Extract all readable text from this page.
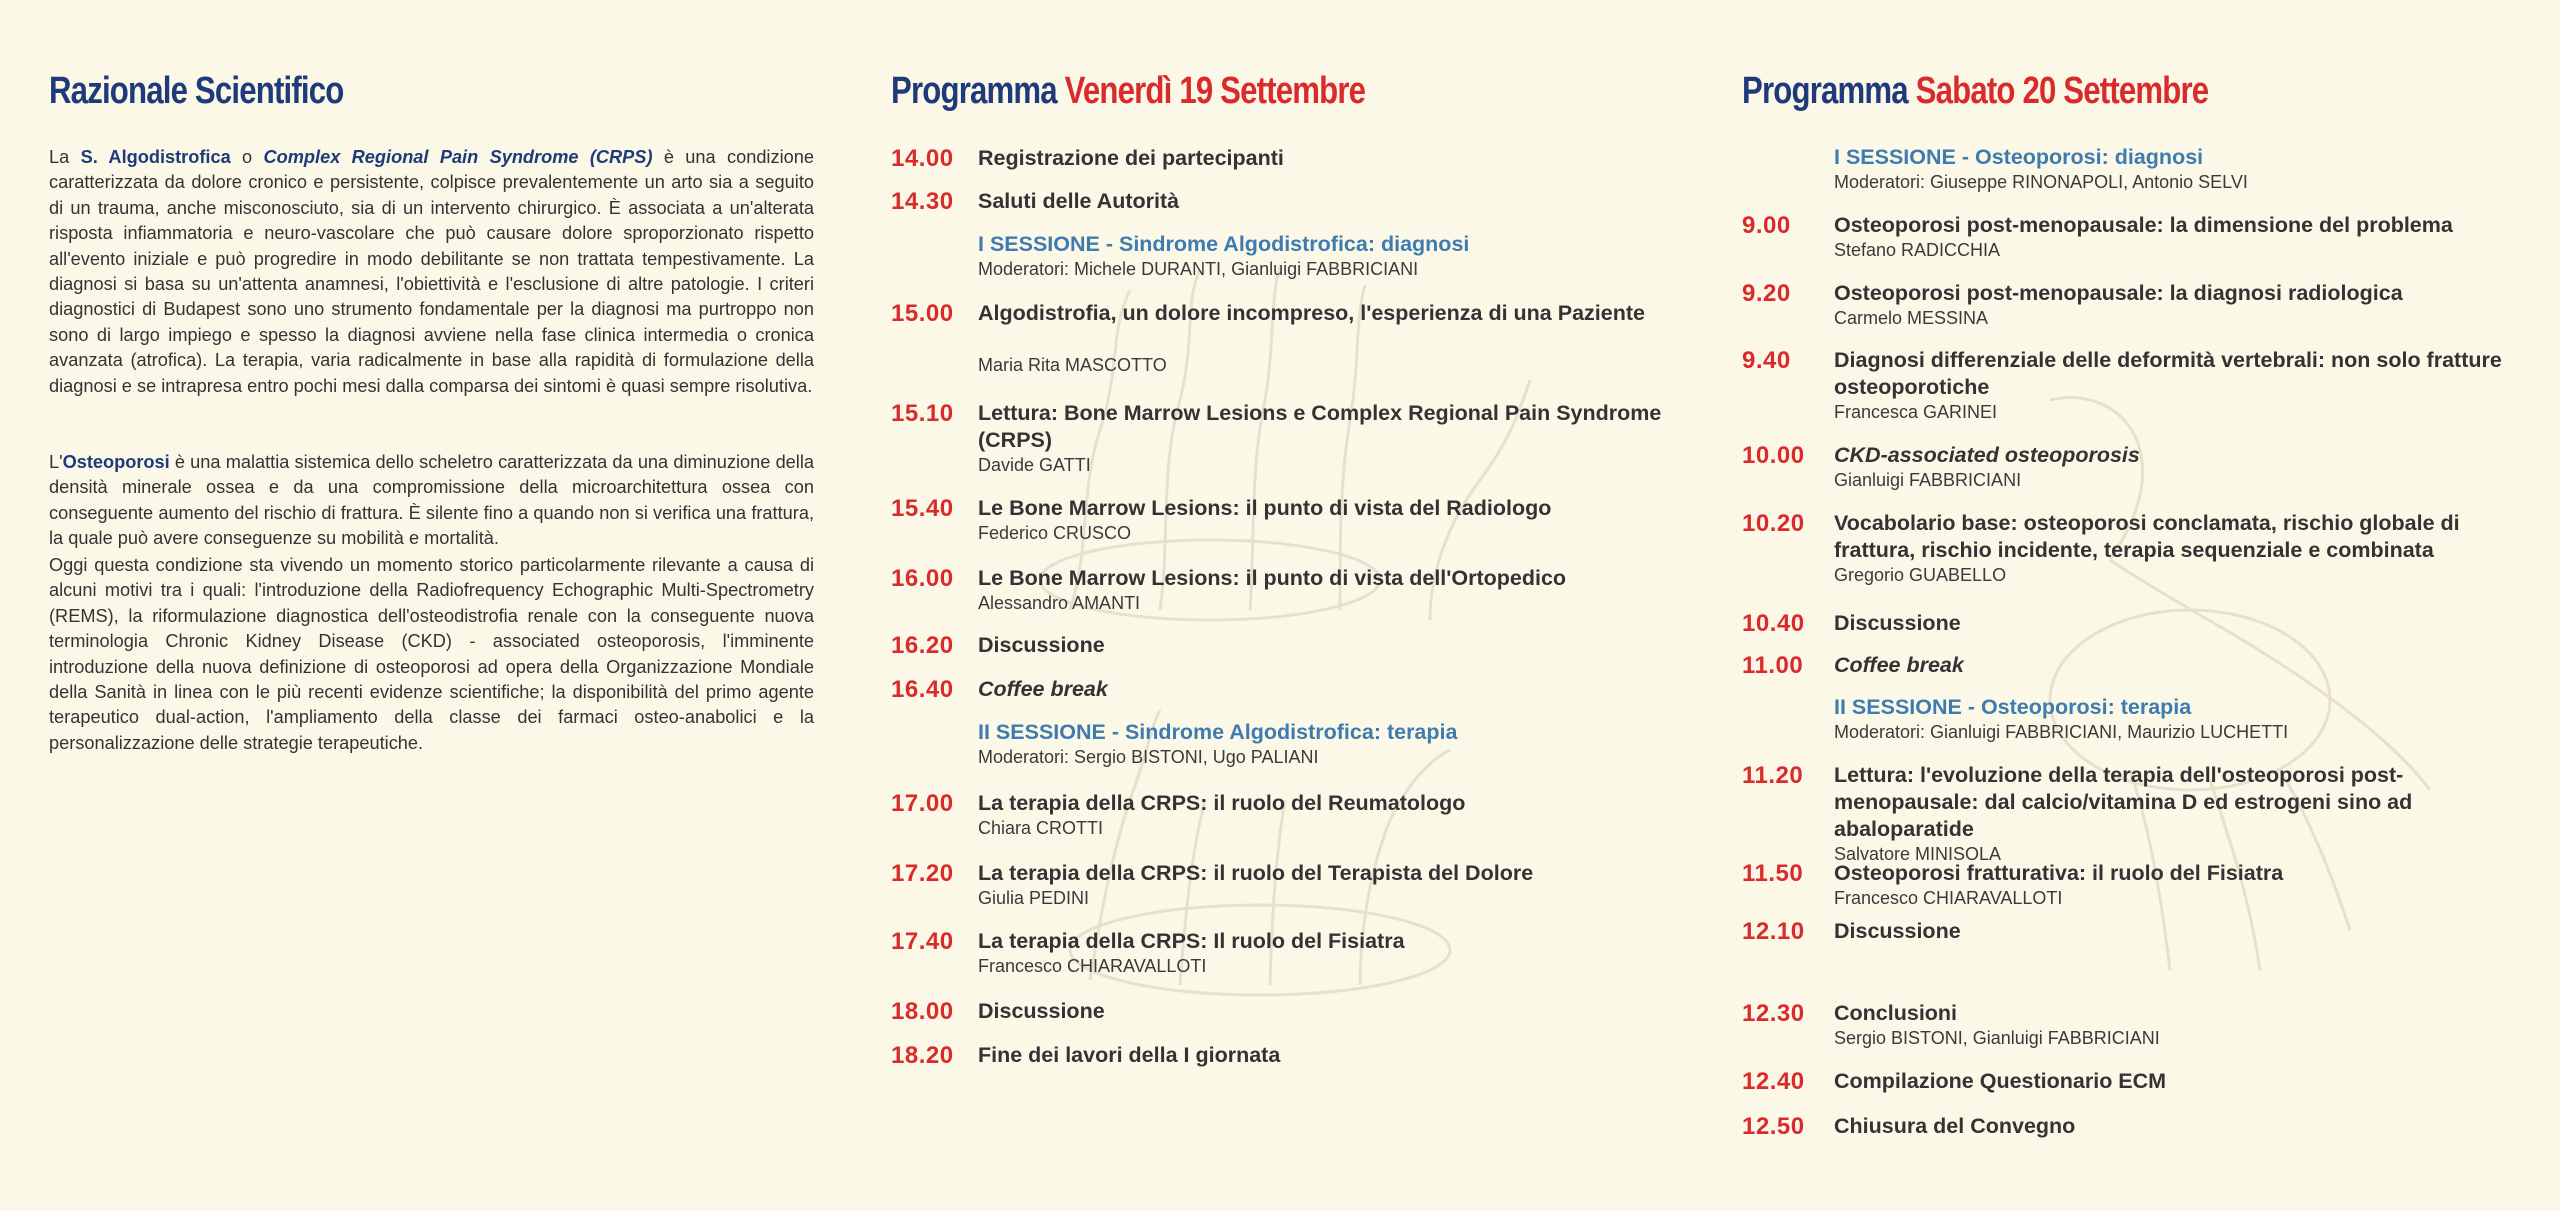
Razionale Scientifico

La S. Algodistrofica o Complex Regional Pain Syndrome (CRPS) è una condizione caratterizzata da dolore cronico e persistente, colpisce prevalentemente un arto sia a seguito di un trauma, anche misconosciuto, sia di un intervento chirurgico. È associata a un'alterata risposta infiammatoria e neuro-vascolare che può causare dolore sproporzionato rispetto all'evento iniziale e può progredire in modo debilitante se non trattata tempestivamente. La diagnosi si basa su un'attenta anamnesi, l'obiettività e l'esclusione di altre patologie. I criteri diagnostici di Budapest sono uno strumento fondamentale per la diagnosi ma purtroppo non sono di largo impiego e spesso la diagnosi avviene nella fase clinica intermedia o cronica avanzata (atrofica). La terapia, varia radicalmente in base alla rapidità di formulazione della diagnosi e se intrapresa entro pochi mesi dalla comparsa dei sintomi è quasi sempre risolutiva.

L'Osteoporosi è una malattia sistemica dello scheletro caratterizzata da una diminuzione della densità minerale ossea e da una compromissione della microarchitettura ossea con conseguente aumento del rischio di frattura. È silente fino a quando non si verifica una frattura, la quale può avere conseguenze su mobilità e mortalità.

Oggi questa condizione sta vivendo un momento storico particolarmente rilevante a causa di alcuni motivi tra i quali: l'introduzione della Radiofrequency Echographic Multi-Spectrometry (REMS), la riformulazione diagnostica dell'osteodistrofia renale con la conseguente nuova terminologia Chronic Kidney Disease (CKD) - associated osteoporosis, l'imminente introduzione della nuova definizione di osteoporosi ad opera della Organizzazione Mondiale della Sanità in linea con le più recenti evidenze scientifiche; la disponibilità del primo agente terapeutico dual-action, l'ampliamento della classe dei farmaci osteo-anabolici e la personalizzazione delle strategie terapeutiche.

Programma Venerdì 19 Settembre
14.00 Registrazione dei partecipanti
14.30 Saluti delle Autorità
I SESSIONE - Sindrome Algodistrofica: diagnosi
Moderatori: Michele DURANTI, Gianluigi FABBRICIANI
15.00 Algodistrofia, un dolore incompreso, l'esperienza di una Paziente
Maria Rita MASCOTTO
15.10 Lettura: Bone Marrow Lesions e Complex Regional Pain Syndrome (CRPS)
Davide GATTI
15.40 Le Bone Marrow Lesions: il punto di vista del Radiologo
Federico CRUSCO
16.00 Le Bone Marrow Lesions: il punto di vista dell'Ortopedico
Alessandro AMANTI
16.20 Discussione
16.40 Coffee break
II SESSIONE - Sindrome Algodistrofica: terapia
Moderatori: Sergio BISTONI, Ugo PALIANI
17.00 La terapia della CRPS: il ruolo del Reumatologo
Chiara CROTTI
17.20 La terapia della CRPS: il ruolo del Terapista del Dolore
Giulia PEDINI
17.40 La terapia della CRPS: Il ruolo del Fisiatra
Francesco CHIARAVALLOTI
18.00 Discussione
18.20 Fine dei lavori della I giornata
Programma Sabato 20 Settembre
I SESSIONE - Osteoporosi: diagnosi
Moderatori: Giuseppe RINONAPOLI, Antonio SELVI
9.00 Osteoporosi post-menopausale: la dimensione del problema
Stefano RADICCHIA
9.20 Osteoporosi post-menopausale: la diagnosi radiologica
Carmelo MESSINA
9.40 Diagnosi differenziale delle deformità vertebrali: non solo fratture osteoporotiche
Francesca GARINEI
10.00 CKD-associated osteoporosis
Gianluigi FABBRICIANI
10.20 Vocabolario base: osteoporosi conclamata, rischio globale di frattura, rischio incidente, terapia sequenziale e combinata
Gregorio GUABELLO
10.40 Discussione
11.00 Coffee break
II SESSIONE - Osteoporosi: terapia
Moderatori: Gianluigi FABBRICIANI, Maurizio LUCHETTI
11.20 Lettura: l'evoluzione della terapia dell'osteoporosi post-menopausale: dal calcio/vitamina D ed estrogeni sino ad abaloparatide
Salvatore MINISOLA
11.50 Osteoporosi fratturativa: il ruolo del Fisiatra
Francesco CHIARAVALLOTI
12.10 Discussione
12.30 Conclusioni
Sergio BISTONI, Gianluigi FABBRICIANI
12.40 Compilazione Questionario ECM
12.50 Chiusura del Convegno
